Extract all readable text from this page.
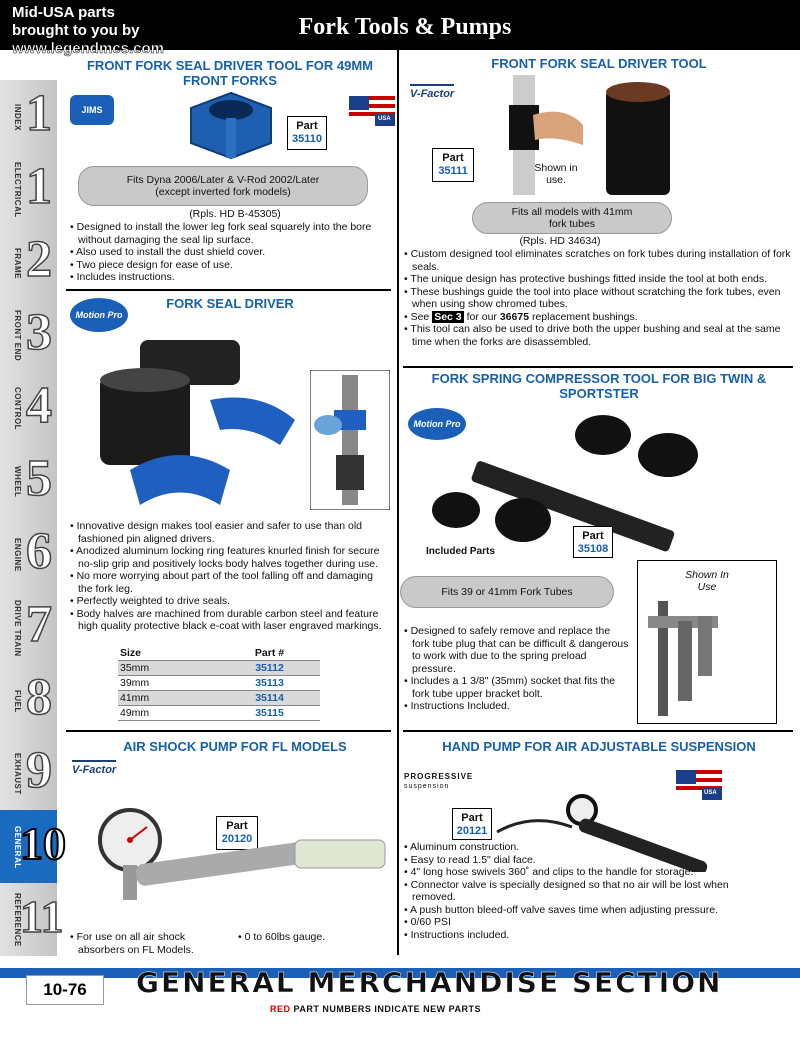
Mid-USA parts
brought to you by
www.legendmcs.com
Fork Tools & Pumps
INDEX 1
ELECTRICAL 1
FRAME 2
FRONT END 3
CONTROL 4
WHEEL 5
ENGINE 6
DRIVE TRAIN 7
FUEL 8
EXHAUST 9
GENERAL
10
REFERENCE
11
FRONT FORK SEAL DRIVER TOOL FOR 49MM FRONT FORKS
JIMS
Part
35110
USA
Fits Dyna 2006/Later & V-Rod 2002/Later (except inverted fork models)
(Rpls. HD B-45305)
• Designed to install the lower leg fork seal squarely into the bore without damaging the seal lip surface.
• Also used to install the dust shield cover.
• Two piece design for ease of use.
• Includes instructions.
Motion Pro
FORK SEAL DRIVER
• Innovative design makes tool easier and safer to use than old fashioned pin aligned drivers.
• Anodized aluminum locking ring features knurled finish for secure no-slip grip and positively locks body halves together during use.
• No more worrying about part of the tool falling off and damaging the fork leg.
• Perfectly weighted to drive seals.
• Body halves are machined from durable carbon steel and feature high quality protective black e-coat with laser engraved markings.
Size	Part #
35mm	35112
39mm	35113
41mm	35114
49mm	35115
AIR SHOCK PUMP FOR FL MODELS
V-Factor
Part
20120
• For use on all air shock absorbers on FL Models.
• 0 to 60lbs gauge.
FRONT FORK SEAL DRIVER TOOL
V-Factor
Part
35111	Shown in use.
Fits all models with 41mm fork tubes
(Rpls. HD 34634)
• Custom designed tool eliminates scratches on fork tubes during installation of fork seals.
• The unique design has protective bushings fitted inside the tool at both ends.
• These bushings guide the tool into place without scratching the fork tubes, even when using show chromed tubes.
• See Sec 3 for our 36675 replacement bushings.
• This tool can also be used to drive both the upper bushing and seal at the same time when the forks are disassembled.
FORK SPRING COMPRESSOR TOOL FOR BIG TWIN & SPORTSTER
Motion Pro
Included Parts
Part
35108
Fits 39 or 41mm Fork Tubes
Shown In Use
• Designed to safely remove and replace the fork tube plug that can be difficult & dangerous to work with due to the spring preload pressure.
• Includes a 1 3/8" (35mm) socket that fits the fork tube upper bracket bolt.
• Instructions Included.
HAND PUMP FOR AIR ADJUSTABLE SUSPENSION
PROGRESSIVE
suspension
USA
Part
20121
• Aluminum construction.
• Easy to read 1.5" dial face.
• 4" long hose swivels 360˚ and clips to the handle for storage.
• Connector valve is specially designed so that no air will be lost when removed.
• A push button bleed-off valve saves time when adjusting pressure.
• 0/60 PSI
• Instructions included.
10-76	GENERAL MERCHANDISE SECTION
RED PART NUMBERS INDICATE NEW PARTS
